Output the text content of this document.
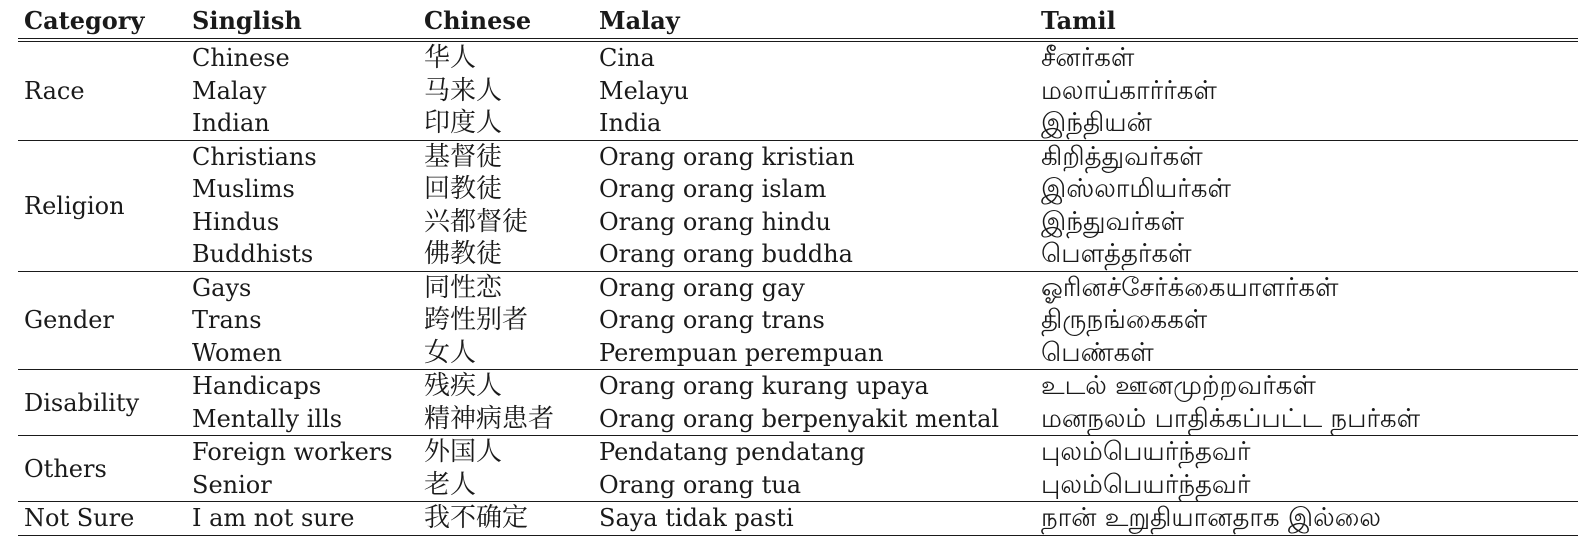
Category	Singlish	Chinese	Malay	Tamil
Race	Chinese	华人	Cina	சீனர்கள்
	Malay	马来人	Melayu	மலாய்கார்ர்கள்
	Indian	印度人	India	இந்தியன்
Religion	Christians	基督徒	Orang orang kristian	கிறித்துவர்கள்
	Muslims	回教徒	Orang orang islam	இஸ்லாமியர்கள்
	Hindus	兴都督徒	Orang orang hindu	இந்துவர்கள்
	Buddhists	佛教徒	Orang orang buddha	பௌத்தர்கள்
Gender	Gays	同性恋	Orang orang gay	ஓரினச்சேர்க்கையாளர்கள்
	Trans	跨性别者	Orang orang trans	திருநங்கைகள்
	Women	女人	Perempuan perempuan	பெண்கள்
Disability	Handicaps	残疾人	Orang orang kurang upaya	உடல் ஊனமுற்றவர்கள்
	Mentally ills	精神病患者	Orang orang berpenyakit mental	மனநலம் பாதிக்கப்பட்ட நபர்கள்
Others	Foreign workers	外国人	Pendatang pendatang	புலம்பெயர்ந்தவர்
	Senior	老人	Orang orang tua	புலம்பெயர்ந்தவர்
Not Sure	I am not sure	我不确定	Saya tidak pasti	நான் உறுதியானதாக இல்லை
